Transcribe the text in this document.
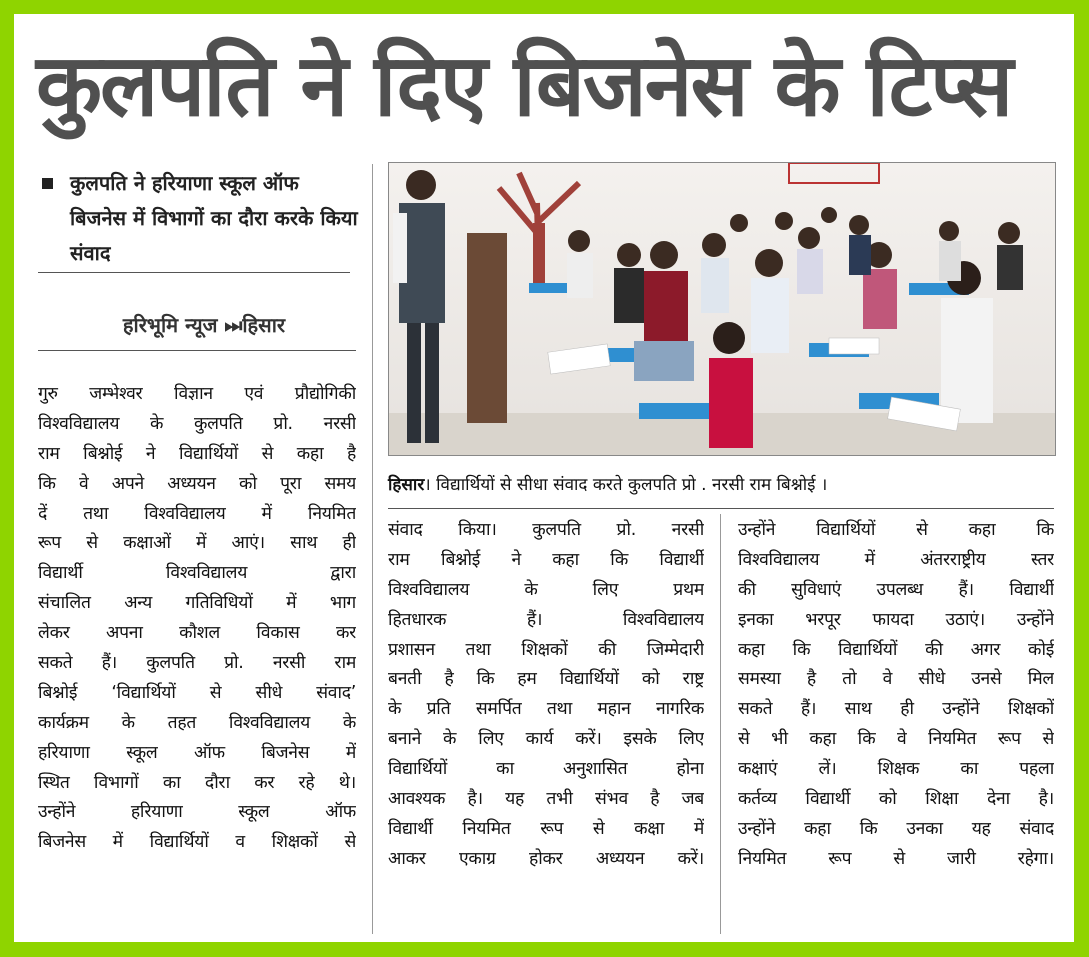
कुलपति ने दिए बिजनेस के टिप्स
कुलपति ने हरियाणा स्कूल ऑफ बिजनेस में विभागों का दौरा करके किया संवाद
हरिभूमि न्यूज ⏭हिसार
हिसार। विद्यार्थियों से सीधा संवाद करते कुलपति प्रो . नरसी राम बिश्नोई ।
गुरु जम्भेश्वर विज्ञान एवं प्रौद्योगिकी
विश्वविद्यालय के कुलपति प्रो. नरसी
राम बिश्नोई ने विद्यार्थियों से कहा है
कि वे अपने अध्ययन को पूरा समय
दें तथा विश्वविद्यालय में नियमित
रूप से कक्षाओं में आएं। साथ ही
विद्यार्थी विश्वविद्यालय द्वारा
संचालित अन्य गतिविधियों में भाग
लेकर अपना कौशल विकास कर
सकते हैं। कुलपति प्रो. नरसी राम
बिश्नोई ‘विद्यार्थियों से सीधे संवाद’
कार्यक्रम के तहत विश्वविद्यालय के
हरियाणा स्कूल ऑफ बिजनेस में
स्थित विभागों का दौरा कर रहे थे।
उन्होंने हरियाणा स्कूल ऑफ
बिजनेस में विद्यार्थियों व शिक्षकों से
संवाद किया। कुलपति प्रो. नरसी
राम बिश्नोई ने कहा कि विद्यार्थी
विश्वविद्यालय के लिए प्रथम
हितधारक हैं। विश्वविद्यालय
प्रशासन तथा शिक्षकों की जिम्मेदारी
बनती है कि हम विद्यार्थियों को राष्ट्र
के प्रति समर्पित तथा महान नागरिक
बनाने के लिए कार्य करें। इसके लिए
विद्यार्थियों का अनुशासित होना
आवश्यक है। यह तभी संभव है जब
विद्यार्थी नियमित रूप से कक्षा में
आकर एकाग्र होकर अध्ययन करें।
उन्होंने विद्यार्थियों से कहा कि
विश्वविद्यालय में अंतरराष्ट्रीय स्तर
की सुविधाएं उपलब्ध हैं। विद्यार्थी
इनका भरपूर फायदा उठाएं। उन्होंने
कहा कि विद्यार्थियों की अगर कोई
समस्या है तो वे सीधे उनसे मिल
सकते हैं। साथ ही उन्होंने शिक्षकों
से भी कहा कि वे नियमित रूप से
कक्षाएं लें। शिक्षक का पहला
कर्तव्य विद्यार्थी को शिक्षा देना है।
उन्होंने कहा कि उनका यह संवाद
नियमित रूप से जारी रहेगा।
